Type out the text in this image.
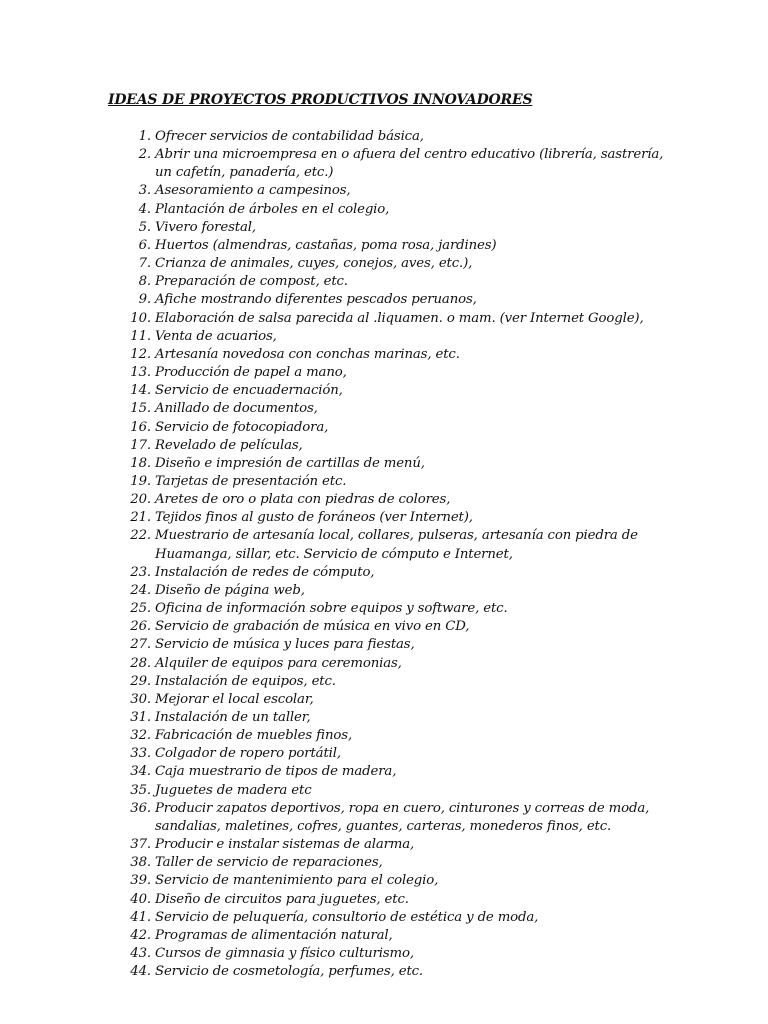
IDEAS DE PROYECTOS PRODUCTIVOS INNOVADORES
1. Ofrecer servicios de contabilidad básica,
2. Abrir una microempresa en o afuera del centro educativo (librería, sastrería, un cafetín, panadería, etc.)
3. Asesoramiento a campesinos,
4. Plantación de árboles en el colegio,
5. Vivero forestal,
6. Huertos (almendras, castañas, poma rosa, jardines)
7. Crianza de animales, cuyes, conejos, aves, etc.),
8. Preparación de compost, etc.
9. Afiche mostrando diferentes pescados peruanos,
10. Elaboración de salsa parecida al .liquamen. o mam. (ver Internet Google),
11. Venta de acuarios,
12. Artesanía novedosa con conchas marinas, etc.
13. Producción de papel a mano,
14. Servicio de encuadernación,
15. Anillado de documentos,
16. Servicio de fotocopiadora,
17. Revelado de películas,
18. Diseño e impresión de cartillas de menú,
19. Tarjetas de presentación etc.
20. Aretes de oro o plata con piedras de colores,
21. Tejidos finos al gusto de foráneos (ver Internet),
22. Muestrario de artesanía local, collares, pulseras, artesanía con piedra de Huamanga, sillar, etc. Servicio de cómputo e Internet,
23. Instalación de redes de cómputo,
24. Diseño de página web,
25. Oficina de información sobre equipos y software, etc.
26. Servicio de grabación de música en vivo en CD,
27. Servicio de música y luces para fiestas,
28. Alquiler de equipos para ceremonias,
29. Instalación de equipos, etc.
30. Mejorar el local escolar,
31. Instalación de un taller,
32. Fabricación de muebles finos,
33. Colgador de ropero portátil,
34. Caja muestrario de tipos de madera,
35. Juguetes de madera etc
36. Producir zapatos deportivos, ropa en cuero, cinturones y correas de moda, sandalias, maletines, cofres, guantes, carteras, monederos finos, etc.
37. Producir e instalar sistemas de alarma,
38. Taller de servicio de reparaciones,
39. Servicio de mantenimiento para el colegio,
40. Diseño de circuitos para juguetes, etc.
41. Servicio de peluquería, consultorio de estética y de moda,
42. Programas de alimentación natural,
43. Cursos de gimnasia y físico culturismo,
44. Servicio de cosmetología, perfumes, etc.
